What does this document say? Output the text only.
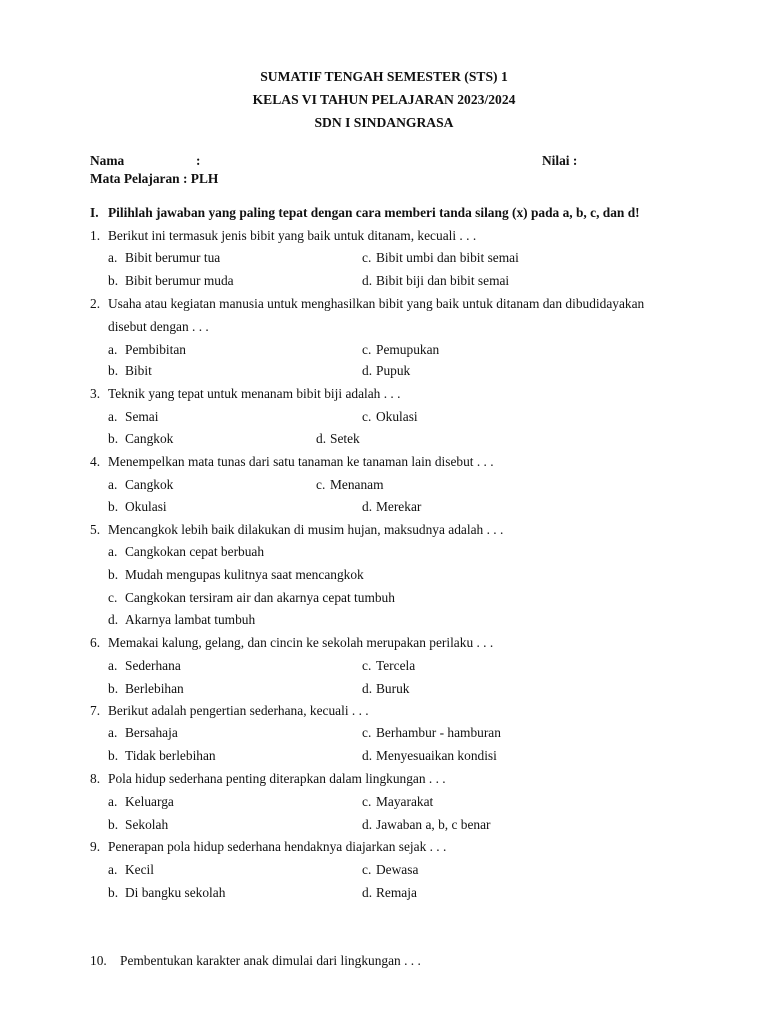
SUMATIF TENGAH SEMESTER (STS) 1
KELAS VI TAHUN PELAJARAN 2023/2024
SDN I SINDANGRASA
Nama	:	Nilai :
Mata Pelajaran : PLH
I. Pilihlah jawaban yang paling tepat dengan cara memberi tanda silang (x) pada a, b, c, dan d!
1. Berikut ini termasuk jenis bibit yang baik untuk ditanam, kecuali . . .
a. Bibit berumur tua
b. Bibit berumur muda
c. Bibit umbi dan bibit semai
d. Bibit biji dan bibit semai
2. Usaha atau kegiatan manusia untuk menghasilkan bibit yang baik untuk ditanam dan dibudidayakan
disebut dengan . . .
a. Pembibitan
b. Bibit
c. Pemupukan
d. Pupuk
3. Teknik yang tepat untuk menanam bibit biji adalah . . .
a. Semai
b. Cangkok
c. Okulasi
d. Setek
4. Menempelkan mata tunas dari satu tanaman ke tanaman lain disebut . . .
a. Cangkok
b. Okulasi
c. Menanam
d. Merekar
5. Mencangkok lebih baik dilakukan di musim hujan, maksudnya adalah . . .
a. Cangkokan cepat berbuah
b. Mudah mengupas kulitnya saat mencangkok
c. Cangkokan tersiram air dan akarnya cepat tumbuh
d. Akarnya lambat tumbuh
6. Memakai kalung, gelang, dan cincin ke sekolah merupakan perilaku . . .
a. Sederhana
b. Berlebihan
c. Tercela
d. Buruk
7. Berikut adalah pengertian sederhana, kecuali . . .
a. Bersahaja
b. Tidak berlebihan
c. Berhambur - hamburan
d. Menyesuaikan kondisi
8. Pola hidup sederhana penting diterapkan dalam lingkungan . . .
a. Keluarga
b. Sekolah
c. Mayarakat
d. Jawaban a, b, c benar
9. Penerapan pola hidup sederhana hendaknya diajarkan sejak . . .
a. Kecil
b. Di bangku sekolah
c. Dewasa
d. Remaja
10. Pembentukan karakter anak dimulai dari lingkungan . . .
